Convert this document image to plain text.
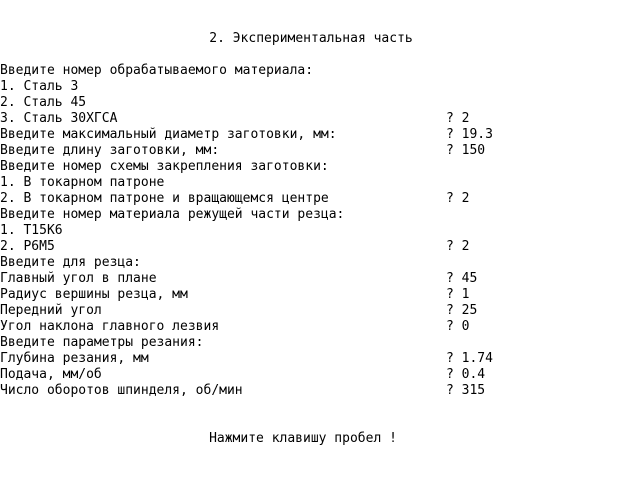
2. Экспериментальная часть
Введите номер обрабатываемого материала:
1. Сталь 3
2. Сталь 45
3. Сталь 30ХГСА	? 2
Введите максимальный диаметр заготовки, мм:	? 19.3
Введите длину заготовки, мм:	? 150
Введите номер схемы закрепления заготовки:
1. В токарном патроне
2. В токарном патроне и вращающемся центре	? 2
Введите номер материала режущей части резца:
1. Т15К6
2. Р6М5	? 2
Введите для резца:
Главный угол в плане	? 45
Радиус вершины резца, мм	? 1
Передний угол	? 25
Угол наклона главного лезвия	? 0
Введите параметры резания:
Глубина резания, мм	? 1.74
Подача, мм/об	? 0.4
Число оборотов шпинделя, об/мин	? 315
Нажмите клавишу пробел !
